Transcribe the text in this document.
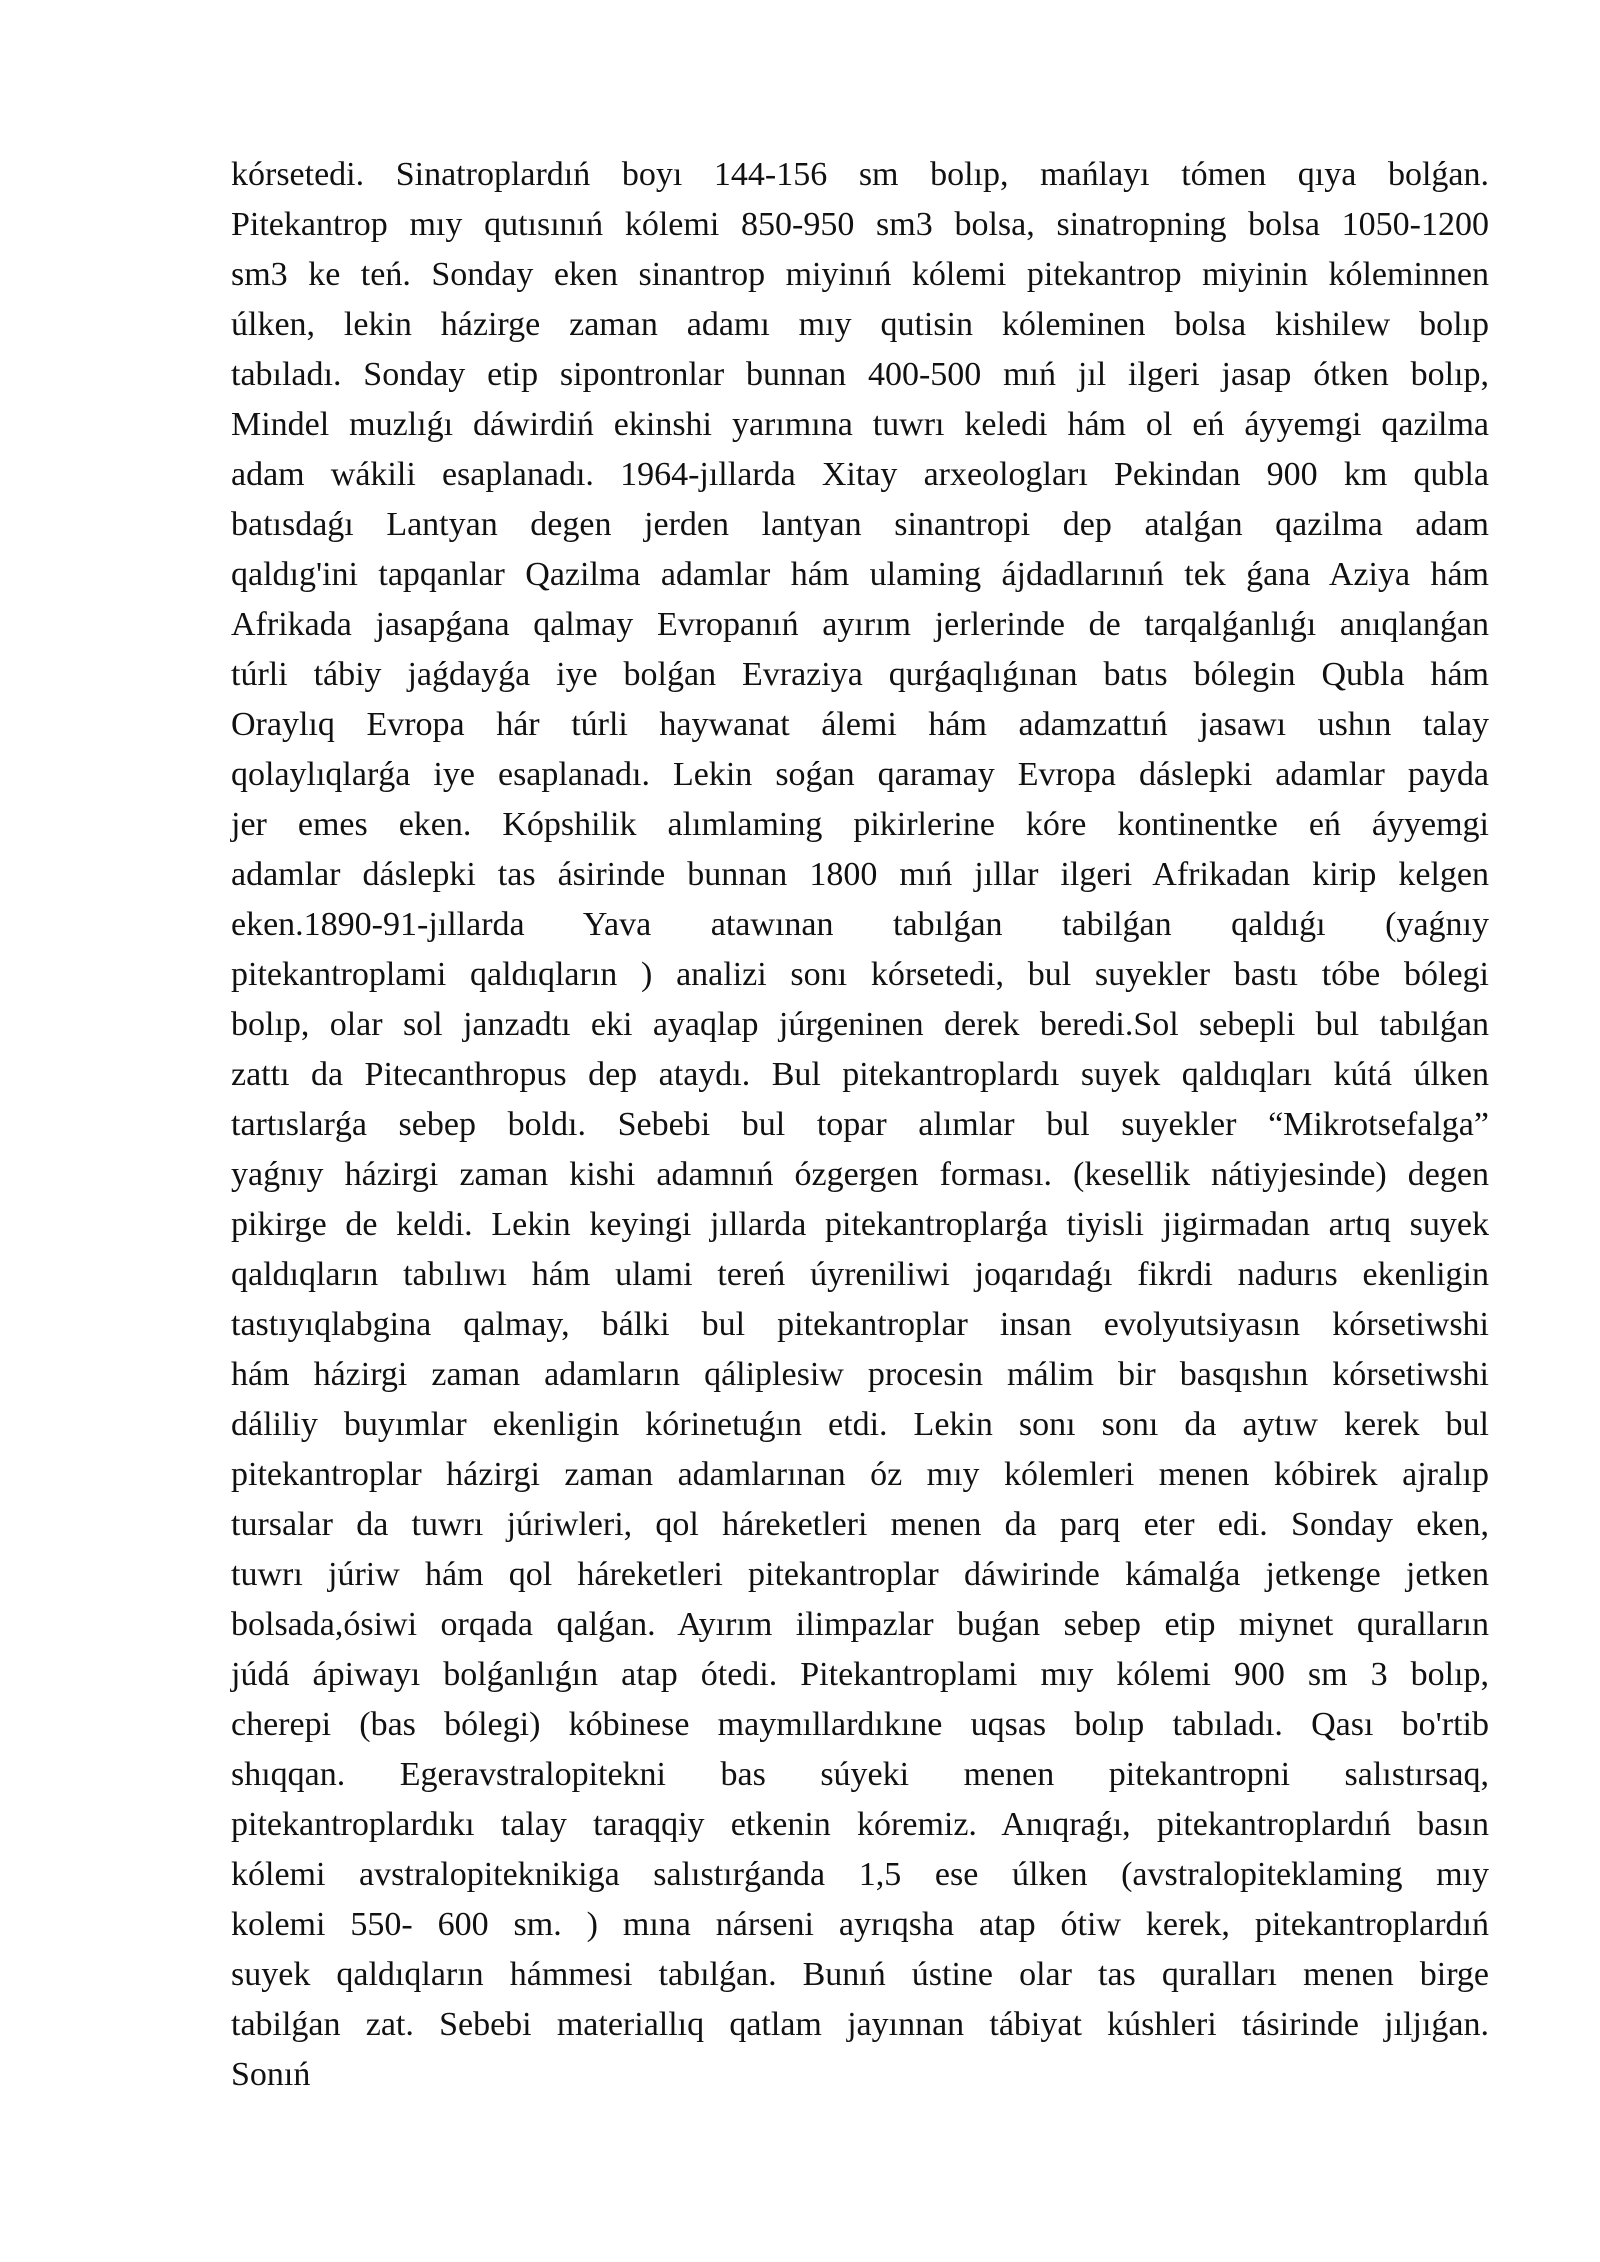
kórsetedi. Sinatroplardıń boyı 144-156 sm bolıp, mańlayı tómen qıya bolǵan.
Pitekantrop mıy qutısınıń kólemi 850-950 sm3 bolsa, sinatropning bolsa 1050-1200
sm3 ke teń. Sonday eken sinantrop miyinıń kólemi pitekantrop miyinin kóleminnen
úlken, lekin házirge zaman adamı mıy qutisin kóleminen bolsa kishilew bolıp
tabıladı. Sonday etip sipontronlar bunnan 400-500 mıń jıl ilgeri jasap ótken bolıp,
Mindel muzlıǵı dáwirdiń ekinshi yarımına tuwrı keledi hám ol eń áyyemgi qazilma
adam wákili esaplanadı. 1964-jıllarda Xitay arxeologları Pekindan 900 km qubla
batısdaǵı Lantyan degen jerden lantyan sinantropi dep atalǵan qazilma adam
qaldıg'ini tapqanlar Qazilma adamlar hám ulaming ájdadlarınıń tek ǵana Aziya hám
Afrikada jasapǵana qalmay Evropanıń ayırım jerlerinde de tarqalǵanlıǵı anıqlanǵan
túrli tábiy jaǵdayǵa iye bolǵan Evraziya qurǵaqlıǵınan batıs bólegin Qubla hám
Oraylıq Evropa hár túrli haywanat álemi hám adamzattıń jasawı ushın talay
qolaylıqlarǵa iye esaplanadı. Lekin soǵan qaramay Evropa dáslepki adamlar payda
jer emes eken. Kópshilik alımlaming pikirlerine kóre kontinentke eń áyyemgi
adamlar dáslepki tas ásirinde bunnan 1800 mıń jıllar ilgeri Afrikadan kirip kelgen
eken.1890-91-jıllarda Yava atawınan tabılǵan tabilǵan qaldıǵı (yaǵnıy
pitekantroplami qaldıqların ) analizi sonı kórsetedi, bul suyekler bastı tóbe bólegi
bolıp, olar sol janzadtı eki ayaqlap júrgeninen derek beredi.Sol sebepli bul tabılǵan
zattı da Pitecanthropus dep ataydı. Bul pitekantroplardı suyek qaldıqları kútá úlken
tartıslarǵa sebep boldı. Sebebi bul topar alımlar bul suyekler “Mikrotsefalga”
yaǵnıy házirgi zaman kishi adamnıń ózgergen forması. (kesellik nátiyjesinde) degen
pikirge de keldi. Lekin keyingi jıllarda pitekantroplarǵa tiyisli jigirmadan artıq suyek
qaldıqların tabılıwı hám ulami tereń úyreniliwi joqarıdaǵı fikrdi nadurıs ekenligin
tastıyıqlabgina qalmay, bálki bul pitekantroplar insan evolyutsiyasın kórsetiwshi
hám házirgi zaman adamların qáliplesiw procesin málim bir basqıshın kórsetiwshi
dáliliy buyımlar ekenligin kórinetuǵın etdi. Lekin sonı sonı da aytıw kerek bul
pitekantroplar házirgi zaman adamlarınan óz mıy kólemleri menen kóbirek ajralıp
tursalar da tuwrı júriwleri, qol háreketleri menen da parq eter edi. Sonday eken,
tuwrı júriw hám qol háreketleri pitekantroplar dáwirinde kámalǵa jetkenge jetken
bolsada,ósiwi orqada qalǵan. Ayırım ilimpazlar buǵan sebep etip miynet quralların
júdá ápiwayı bolǵanlıǵın atap ótedi. Pitekantroplami mıy kólemi 900 sm 3 bolıp,
cherepi (bas bólegi) kóbinese maymıllardıkıne uqsas bolıp tabıladı. Qası bo'rtib
shıqqan. Egeravstralopitekni bas súyeki menen pitekantropni salıstırsaq,
pitekantroplardıkı talay taraqqiy etkenin kóremiz. Anıqraǵı, pitekantroplardıń basın
kólemi avstralopiteknikiga salıstırǵanda 1,5 ese úlken (avstralopiteklaming mıy
kolemi 550- 600 sm. ) mına nárseni ayrıqsha atap ótiw kerek, pitekantroplardıń
suyek qaldıqların hámmesi tabılǵan. Bunıń ústine olar tas quralları menen birge
tabilǵan zat. Sebebi materiallıq qatlam jayınnan tábiyat kúshleri tásirinde jıljıǵan.
Sonıń
